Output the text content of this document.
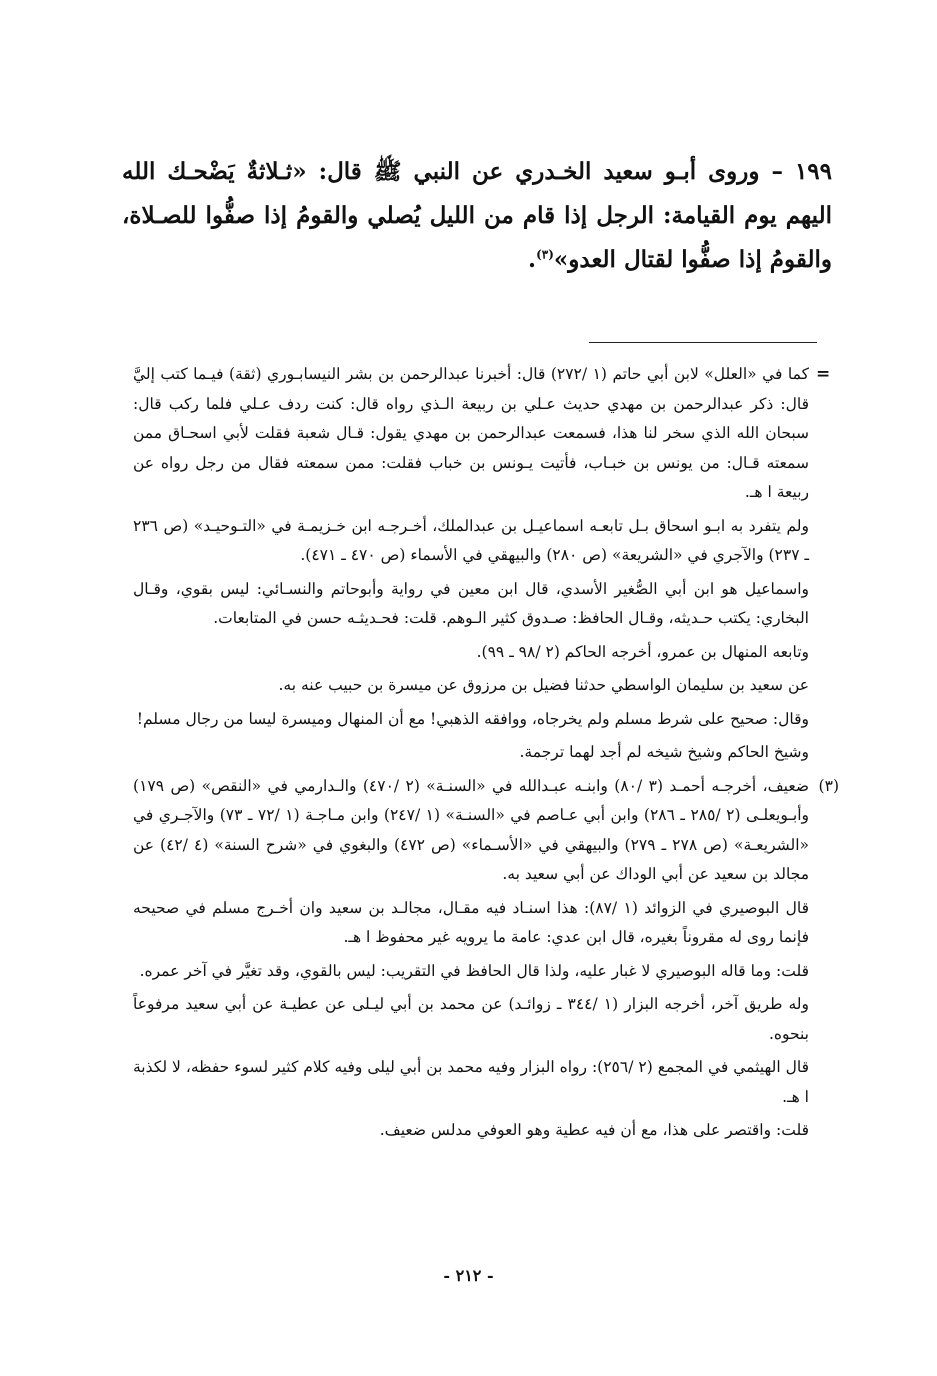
١٩٩ – وروى أبـو سعيد الخـدري عن النبي ﷺ قال: «ثـلاثةٌ يَضْحـك الله اليهم يوم القيامة: الرجل إذا قام من الليل يُصلي والقومُ إذا صفُّوا للصـلاة، والقومُ إذا صفُّوا لقتال العدو»$^{(٣)}$.

=

كما في «العلل» لابن أبي حاتم (١ /٢٧٢) قال: أخبرنا عبدالرحمن بن بشر النيسابـوري (ثقة) فيـما كتب إليَّ قال: ذكر عبدالرحمن بن مهدي حديث عـلي بن ربيعة الـذي رواه قال: كنت ردف عـلي فلما ركب قال: سبحان الله الذي سخر لنا هذا، فسمعت عبدالرحمن بن مهدي يقول: قـال شعبة فقلت لأبي اسحـاق ممن سمعته قـال: من يونس بن خبـاب، فأتيت يـونس بن خباب فقلت: ممن سمعته فقال من رجل رواه عن ربيعة ا هـ.

ولم يتفرد به ابـو اسحاق بـل تابعـه اسماعيـل بن عبدالملك، أخـرجـه ابن خـزيمـة في «التـوحيـد» (ص ٢٣٦ ـ ٢٣٧) والآجري في «الشريعة» (ص ٢٨٠) والبيهقي في الأسماء (ص ٤٧٠ ـ ٤٧١).

واسماعيل هو ابن أبي الصُّغير الأسدي، قال ابن معين في رواية وأبوحاتم والنسـائي: ليس بقوي، وقـال البخاري: يكتب حـديثه، وقـال الحافظ: صـدوق كثير الـوهم. قلت: فحـديثـه حسن في المتابعات.

وتابعه المنهال بن عمرو، أخرجه الحاكم (٢ /٩٨ ـ ٩٩).

عن سعيد بن سليمان الواسطي حدثنا فضيل بن مرزوق عن ميسرة بن حبيب عنه به.

وقال: صحيح على شرط مسلم ولم يخرجاه، ووافقه الذهبي! مع أن المنهال وميسرة ليسا من رجال مسلم!

وشيخ الحاكم وشيخ شيخه لم أجد لهما ترجمة.

(٣)
ضعيف، أخرجـه أحمـد (٣ /٨٠) وابنـه عبـدالله في «السنـة» (٢ /٤٧٠) والـدارمي في «النقص» (ص ١٧٩) وأبـويعلـى (٢ /٢٨٥ ـ ٢٨٦) وابن أبي عـاصم في «السنـة» (١ /٢٤٧) وابن مـاجـة (١ /٧٢ ـ ٧٣) والآجـري في «الشريعـة» (ص ٢٧٨ ـ ٢٧٩) والبيهقي في «الأسـماء» (ص ٤٧٢) والبغوي في «شرح السنة» (٤ /٤٢) عن مجالد بن سعيد عن أبي الوداك عن أبي سعيد به.

قال البوصيري في الزوائد (١ /٨٧): هذا اسنـاد فيه مقـال، مجالـد بن سعيد وان أخـرج مسلم في صحيحه فإنما روى له مقروناً بغيره، قال ابن عدي: عامة ما يرويه غير محفوظ ا هـ.

قلت: وما قاله البوصيري لا غبار عليه، ولذا قال الحافظ في التقريب: ليس بالقوي، وقد تغيَّر في آخر عمره.

وله طريق آخر، أخرجه البزار (١ /٣٤٤ ـ زوائـد) عن محمد بن أبي ليـلى عن عطيـة عن أبي سعيد مرفوعاً بنحوه.

قال الهيثمي في المجمع (٢ /٢٥٦): رواه البزار وفيه محمد بن أبي ليلى وفيه كلام كثير لسوء حفظه، لا لكذبة ا هـ.

قلت: واقتصر على هذا، مع أن فيه عطية وهو العوفي مدلس ضعيف.

- ٢١٢ -
